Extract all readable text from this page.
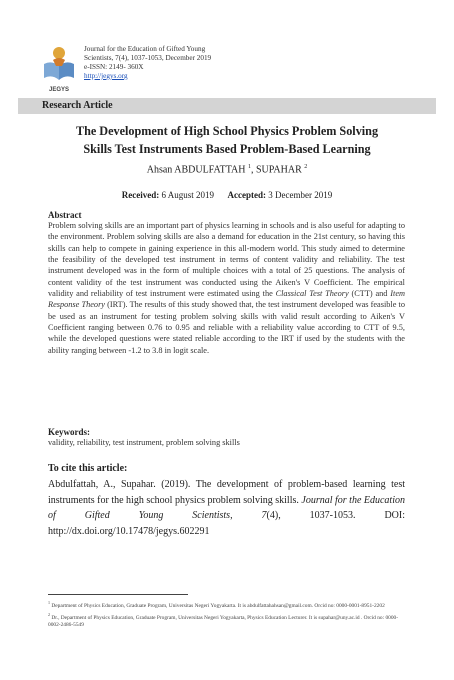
JEGYS
Journal for the Education of Gifted Young
Scientists, 7(4), 1037-1053, December 2019
e-ISSN: 2149- 360X
http://jegys.org
Research Article
The Development of High School Physics Problem Solving
Skills Test Instruments Based Problem-Based Learning
Ahsan ABDULFATTAH $^1$, SUPAHAR $^2$
Received: 6 August 2019 Accepted: 3 December 2019
Abstract
Problem solving skills are an important part of physics learning in schools and is also useful for adapting to the environment. Problem solving skills are also a demand for education in the 21st century, so having this skills can help to compete in gaining experience in this all-modern world. This study aimed to determine the feasibility of the developed test instrument in terms of content validity and reliability. The test instrument developed was in the form of multiple choices with a total of 25 questions. The analysis of content validity of the test instrument was conducted using the Aiken's V Coefficient. The empirical validity and reliability of test instrument were estimated using the Classical Test Theory (CTT) and Item Response Theory (IRT). The results of this study showed that, the test instrument developed was feasible to be used as an instrument for testing problem solving skills with valid result according to Aiken's V Coefficient ranging between 0.76 to 0.95 and reliable with a reliability value according to CTT of 9.5, while the developed questions were stated reliable according to the IRT if used by the students with the ability ranging between -1.2 to 3.8 in logit scale.
Keywords:
validity, reliability, test instrument, problem solving skills
To cite this article:
Abdulfattah, A., Supahar. (2019). The development of problem-based learning test instruments for the high school physics problem solving skills. Journal for the Education of Gifted Young Scientists, 7(4), 1037-1053. DOI: http://dx.doi.org/10.17478/jegys.602291
$^1$ Department of Physics Education, Graduate Program, Universitas Negeri Yogyakarta. It is abdulfattahahsan@gmail.com. Orcid no: 0000-0001-8951-2202
$^2$ Dr., Department of Physics Education, Graduate Program, Universitas Negeri Yogyakarta, Physics Education Lecturer. It is supahar@uny.ac.id . Orcid no: 0000-0002-2486-5549
